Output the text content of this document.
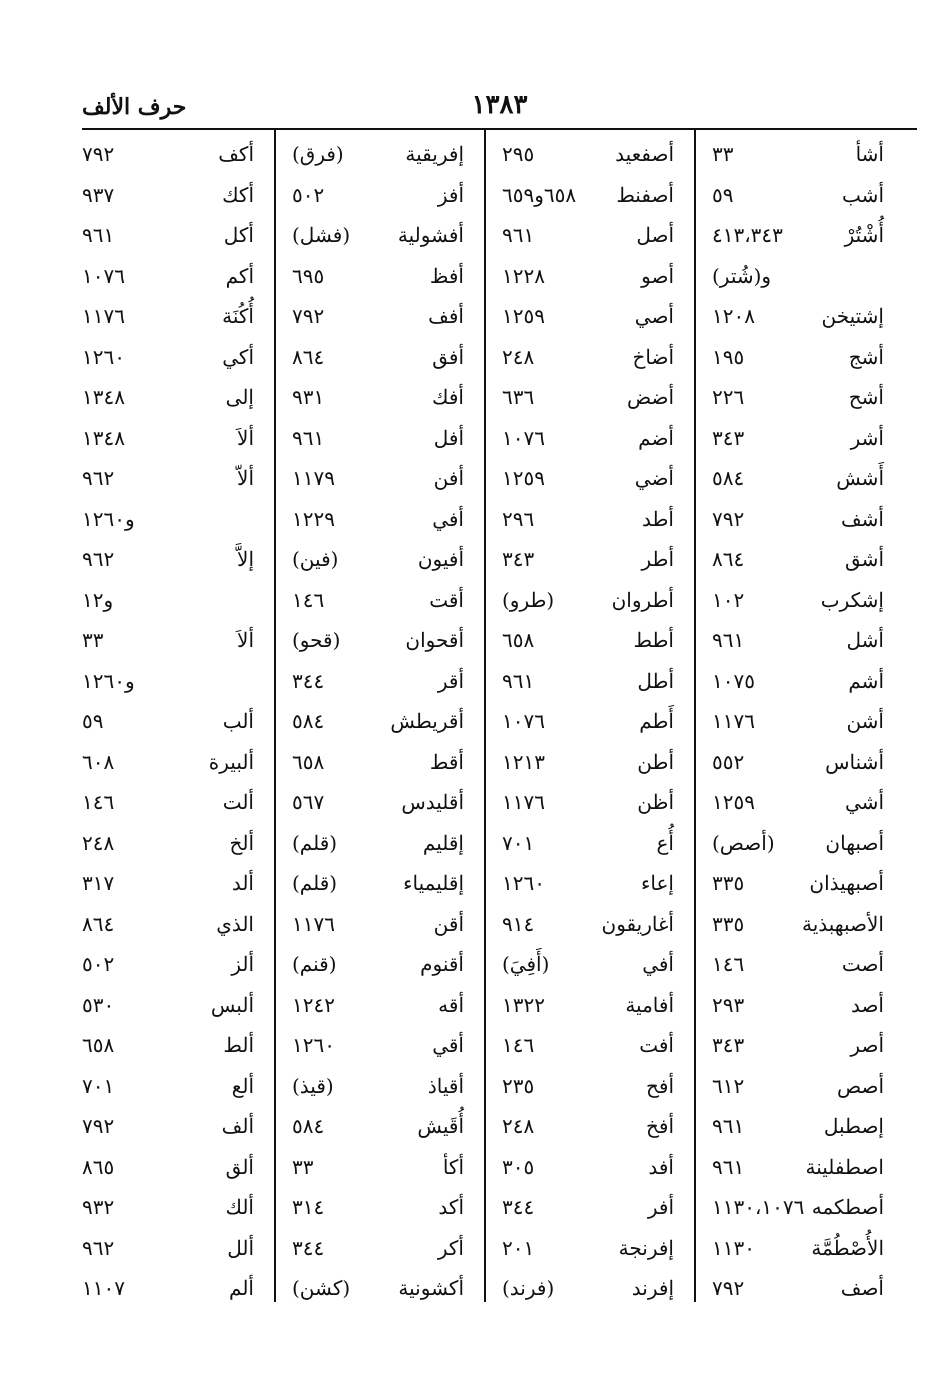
١٣٨٣
حرف الألف
أشأ
٣٣
أشب
٥٩
أُشْتُرْ
٤١٣،٣٤٣
و(شُتر)
إشتيخن
١٢٠٨
أشج
١٩٥
أشح
٢٢٦
أشر
٣٤٣
أَشش
٥٨٤
أشف
٧٩٢
أشق
٨٦٤
إشكرب
١٠٢
أشل
٩٦١
أشم
١٠٧٥
أشن
١١٧٦
أشناس
٥٥٢
أشي
١٢٥٩
أصبهان
(أصص)
أصبهيذان
٣٣٥
الأصبهبذية
٣٣٥
أصت
١٤٦
أصد
٢٩٣
أصر
٣٤٣
أصص
٦١٢
إصطبل
٩٦١
اصطفلينة
٩٦١
أصطكمه
١١٣٠،١٠٧٦
الأُصْطُمَّة
١١٣٠
أصف
٧٩٢
أصفعيد
٢٩٥
أصفنط
٦٥٨و٦٥٩
أصل
٩٦١
أصو
١٢٢٨
أصي
١٢٥٩
أضاخ
٢٤٨
أضض
٦٣٦
أضم
١٠٧٦
أضي
١٢٥٩
أطد
٢٩٦
أطر
٣٤٣
أطروان
(طرو)
أطط
٦٥٨
أطل
٩٦١
أَطم
١٠٧٦
أطن
١٢١٣
أظن
١١٧٦
أُع
٧٠١
إعاء
١٢٦٠
أغاريقون
٩١٤
أفي
(أَفِيَ)
أفامية
١٣٢٢
أفت
١٤٦
أفح
٢٣٥
أفخ
٢٤٨
أفد
٣٠٥
أفر
٣٤٤
إفرنجة
٢٠١
إفرند
(فرند)
إفريقية
(فرق)
أفز
٥٠٢
أفشولية
(فشل)
أفظ
٦٩٥
أفف
٧٩٢
أفق
٨٦٤
أفك
٩٣١
أفل
٩٦١
أفن
١١٧٩
أفي
١٢٢٩
أفيون
(فين)
أقت
١٤٦
أقحوان
(قحو)
أقر
٣٤٤
أقريطش
٥٨٤
أقط
٦٥٨
أقليدس
٥٦٧
إقليم
(قلم)
إقليمياء
(قلم)
أقن
١١٧٦
أقنوم
(قنم)
أقه
١٢٤٢
أقي
١٢٦٠
أقياذ
(قيذ)
أُقَيش
٥٨٤
أكأ
٣٣
أكد
٣١٤
أكر
٣٤٤
أكشونية
(كشن)
أكف
٧٩٢
أكك
٩٣٧
أكل
٩٦١
أكم
١٠٧٦
أُكُنَة
١١٧٦
أكي
١٢٦٠
إلى
١٣٤٨
ألاَ
١٣٤٨
ألاّ
٩٦٢
و١٢٦٠
إلاَّ
٩٦٢
و١٢
ألاَ
٣٣
و١٢٦٠
ألب
٥٩
ألبيرة
٦٠٨
ألت
١٤٦
ألخ
٢٤٨
ألد
٣١٧
الذي
٨٦٤
ألز
٥٠٢
ألبس
٥٣٠
ألط
٦٥٨
ألع
٧٠١
ألف
٧٩٢
ألق
٨٦٥
ألك
٩٣٢
ألل
٩٦٢
ألم
١١٠٧
